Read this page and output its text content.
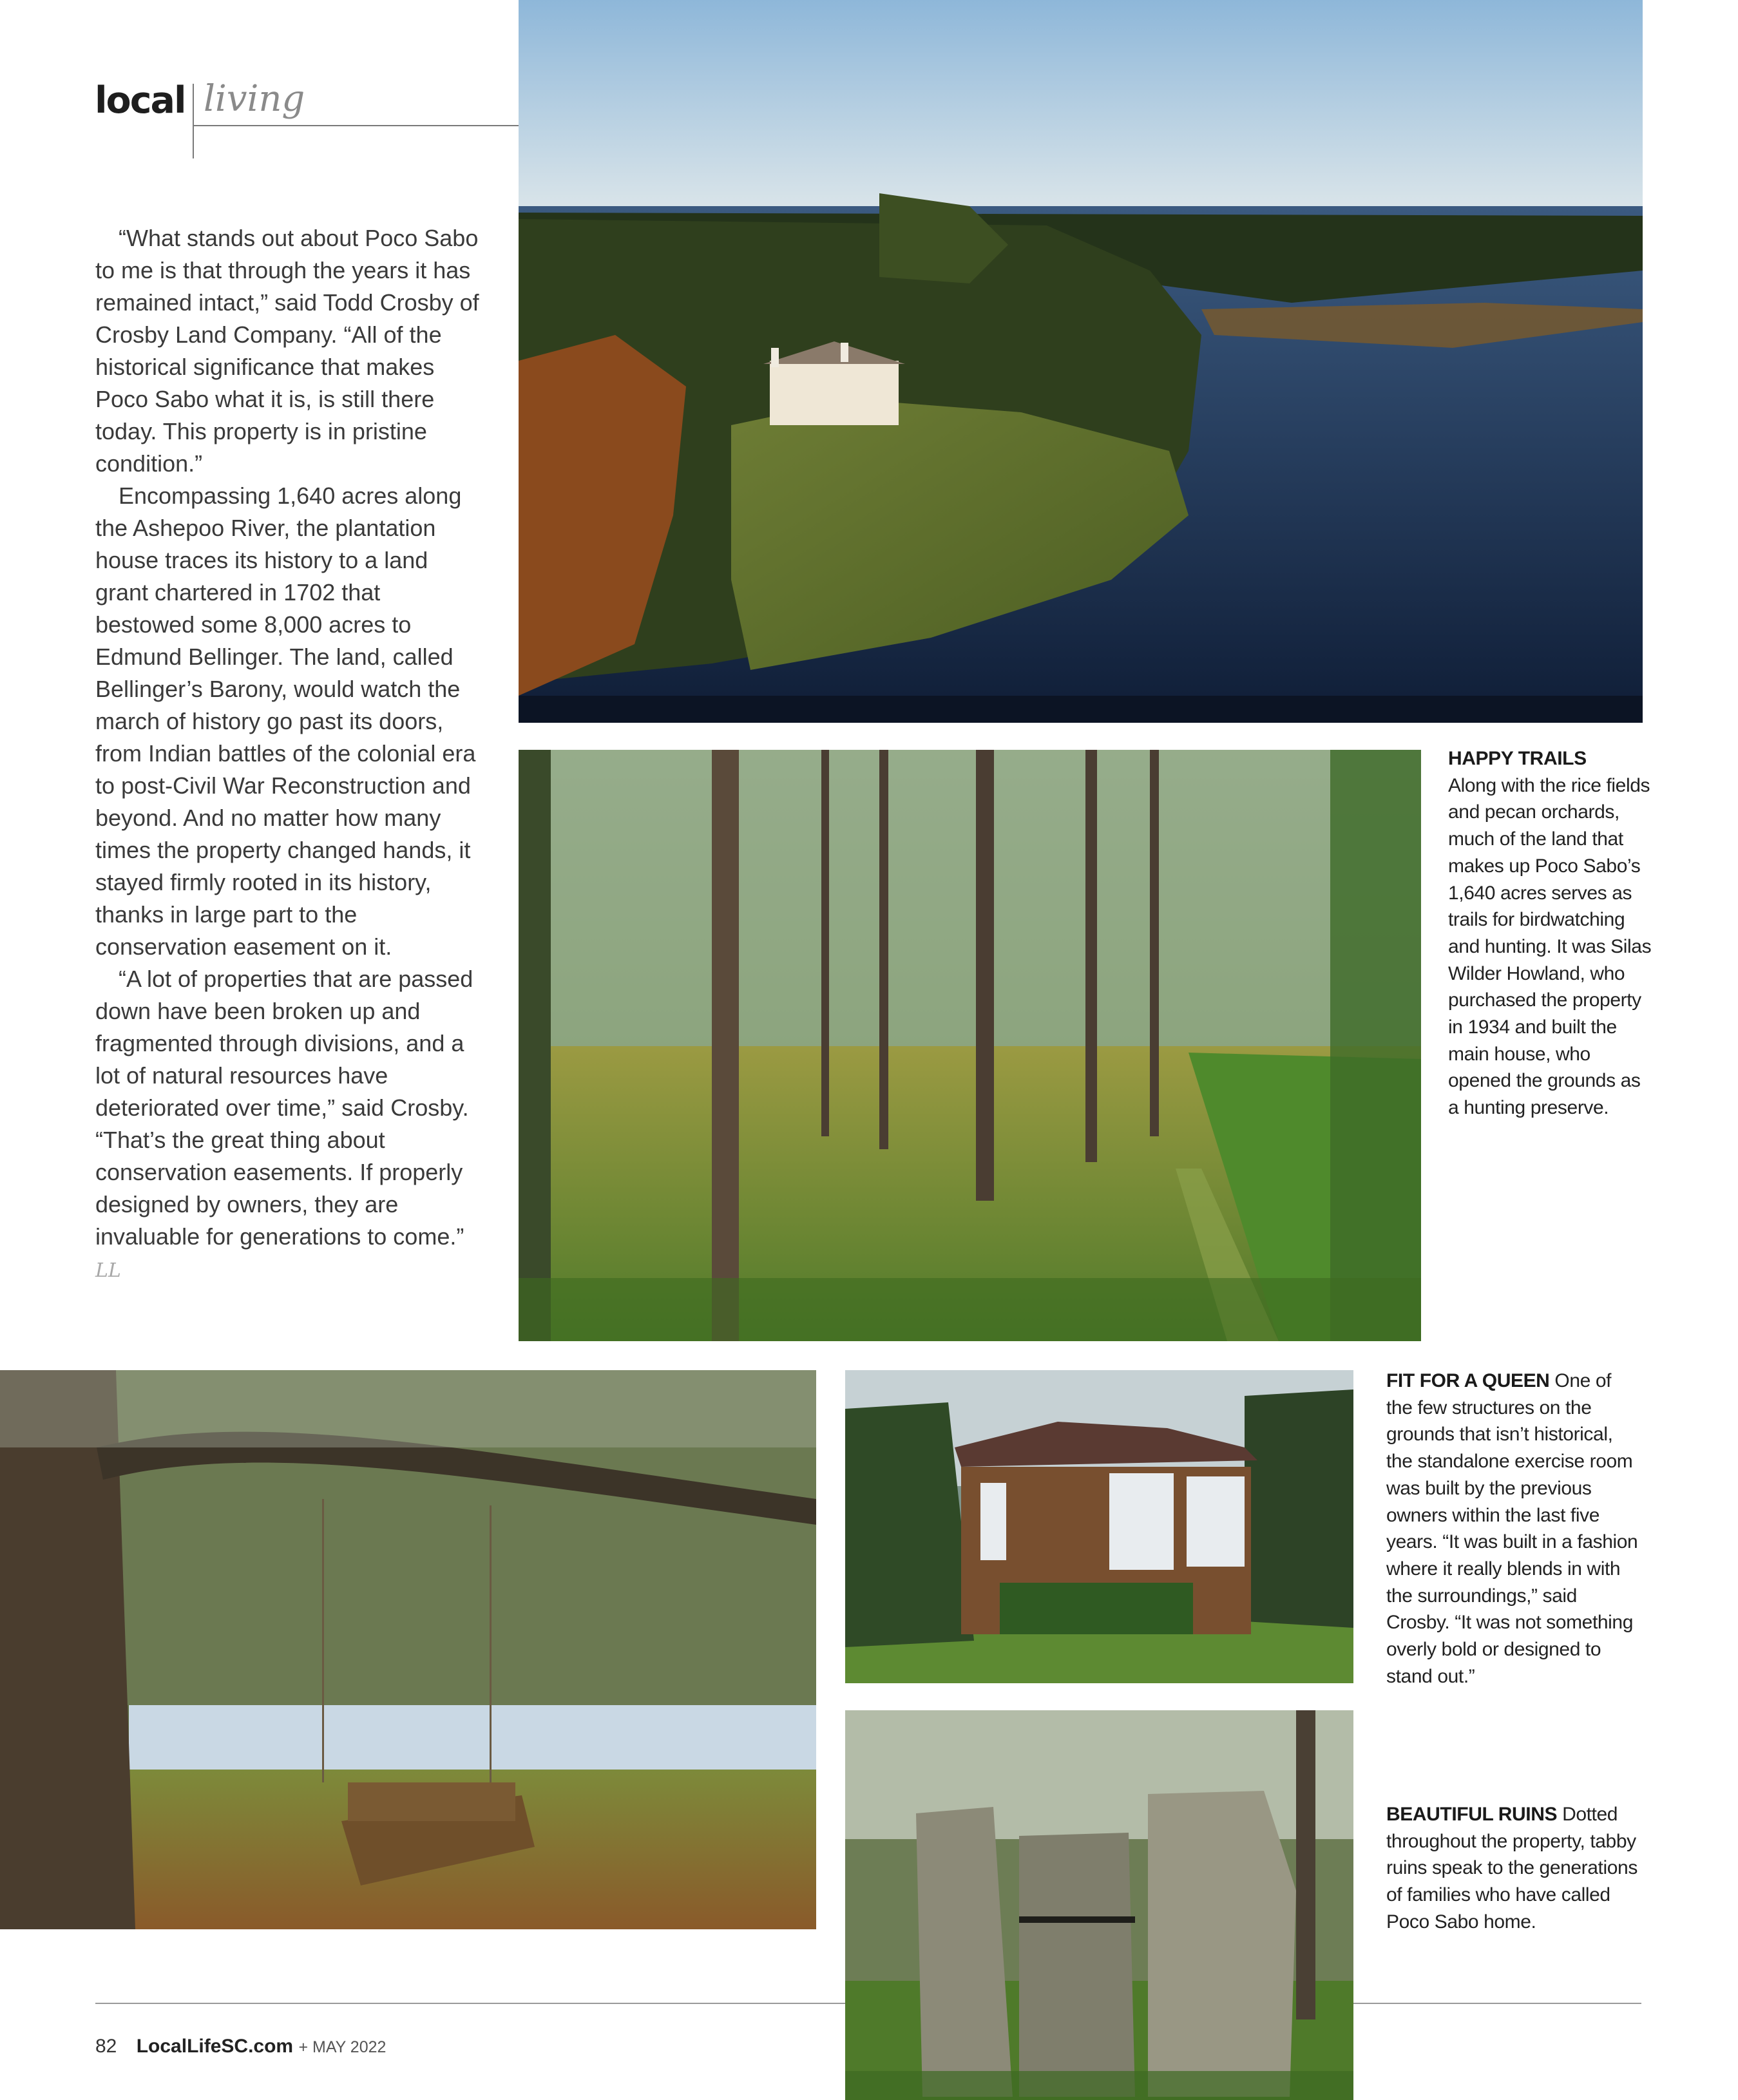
local living

“What stands out about Poco Sabo to me is that through the years it has remained intact,” said Todd Crosby of Crosby Land Company. “All of the historical significance that makes Poco Sabo what it is, is still there today. This property is in pristine condition.”

Encompassing 1,640 acres along the Ashepoo River, the plantation house traces its history to a land grant chartered in 1702 that bestowed some 8,000 acres to Edmund Bellinger. The land, called Bellinger’s Barony, would watch the march of history go past its doors, from Indian battles of the colonial era to post-Civil War Reconstruction and beyond. And no matter how many times the property changed hands, it stayed firmly rooted in its history, thanks in large part to the conservation easement on it.

“A lot of properties that are passed down have been broken up and fragmented through divisions, and a lot of natural resources have deteriorated over time,” said Crosby. “That’s the great thing about conservation easements. If properly designed by owners, they are invaluable for generations to come.” LL

HAPPY TRAILS
Along with the rice fields and pecan orchards, much of the land that makes up Poco Sabo’s 1,640 acres serves as trails for birdwatching and hunting. It was Silas Wilder Howland, who purchased the property in 1934 and built the main house, who opened the grounds as a hunting preserve.
FIT FOR A QUEEN One of the few structures on the grounds that isn’t historical, the standalone exercise room was built by the previous owners within the last five years. “It was built in a fashion where it really blends in with the surroundings,” said Crosby. “It was not something overly bold or designed to stand out.”
BEAUTIFUL RUINS Dotted throughout the property, tabby ruins speak to the generations of families who have called Poco Sabo home.
82 LocalLifeSC.com + MAY 2022
